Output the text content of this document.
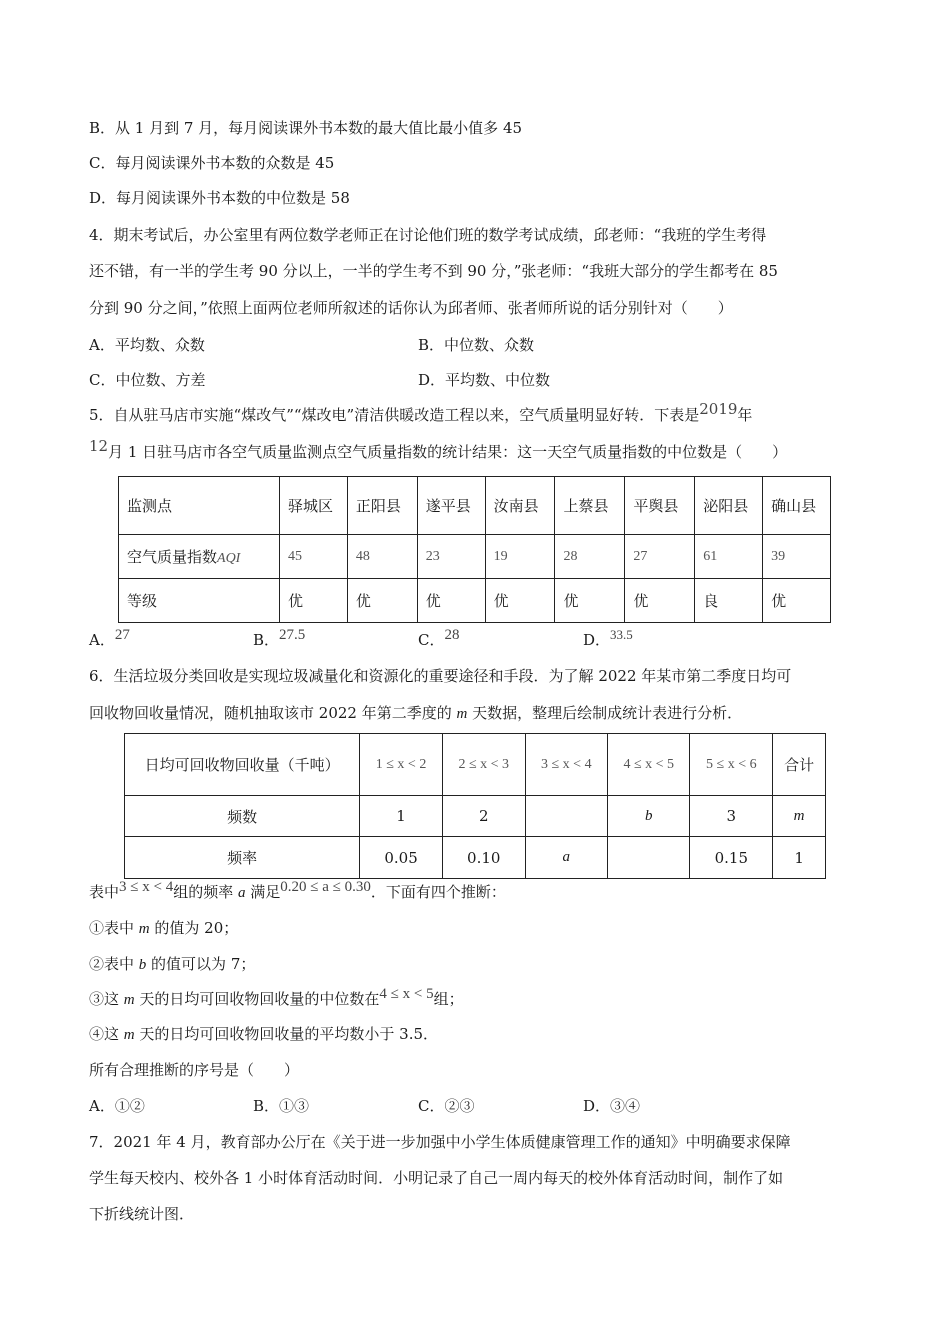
B．从 1 月到 7 月，每月阅读课外书本数的最大值比最小值多 45
C．每月阅读课外书本数的众数是 45
D．每月阅读课外书本数的中位数是 58
4．期末考试后，办公室里有两位数学老师正在讨论他们班的数学考试成绩，邱老师：“我班的学生考得
还不错，有一半的学生考 90 分以上，一半的学生考不到 90 分，”张老师：“我班大部分的学生都考在 85
分到 90 分之间，”依照上面两位老师所叙述的话你认为邱者师、张者师所说的话分别针对（　　）
A．平均数、众数	B．中位数、众数
C．中位数、方差	D．平均数、中位数
5．自从驻马店市实施“煤改气”“煤改电”清洁供暖改造工程以来，空气质量明显好转．下表是2019年
12月 1 日驻马店市各空气质量监测点空气质量指数的统计结果：这一天空气质量指数的中位数是（　　）
监测点	驿城区	正阳县	遂平县	汝南县	上蔡县	平舆县	泌阳县	确山县
空气质量指数AQI	45	48	23	19	28	27	61	39
等级	优	优	优	优	优	优	良	优
A．27	B．27.5	C．28	D．33.5
6．生活垃圾分类回收是实现垃圾减量化和资源化的重要途径和手段．为了解 2022 年某市第二季度日均可
回收物回收量情况，随机抽取该市 2022 年第二季度的 m 天数据，整理后绘制成统计表进行分析．
日均可回收物回收量（千吨）	1 ≤ x < 2	2 ≤ x < 3	3 ≤ x < 4	4 ≤ x < 5	5 ≤ x < 6	合计
频数	1	2		b	3	m
频率	0.05	0.10	a		0.15	1
表中3 ≤ x < 4组的频率 a 满足0.20 ≤ a ≤ 0.30．下面有四个推断：
①表中 m 的值为 20；
②表中 b 的值可以为 7；
③这 m 天的日均可回收物回收量的中位数在4 ≤ x < 5组；
④这 m 天的日均可回收物回收量的平均数小于 3.5．
所有合理推断的序号是（　　）
A．①②	B．①③	C．②③	D．③④
7．2021 年 4 月，教育部办公厅在《关于进一步加强中小学生体质健康管理工作的通知》中明确要求保障
学生每天校内、校外各 1 小时体育活动时间．小明记录了自己一周内每天的校外体育活动时间，制作了如
下折线统计图．
